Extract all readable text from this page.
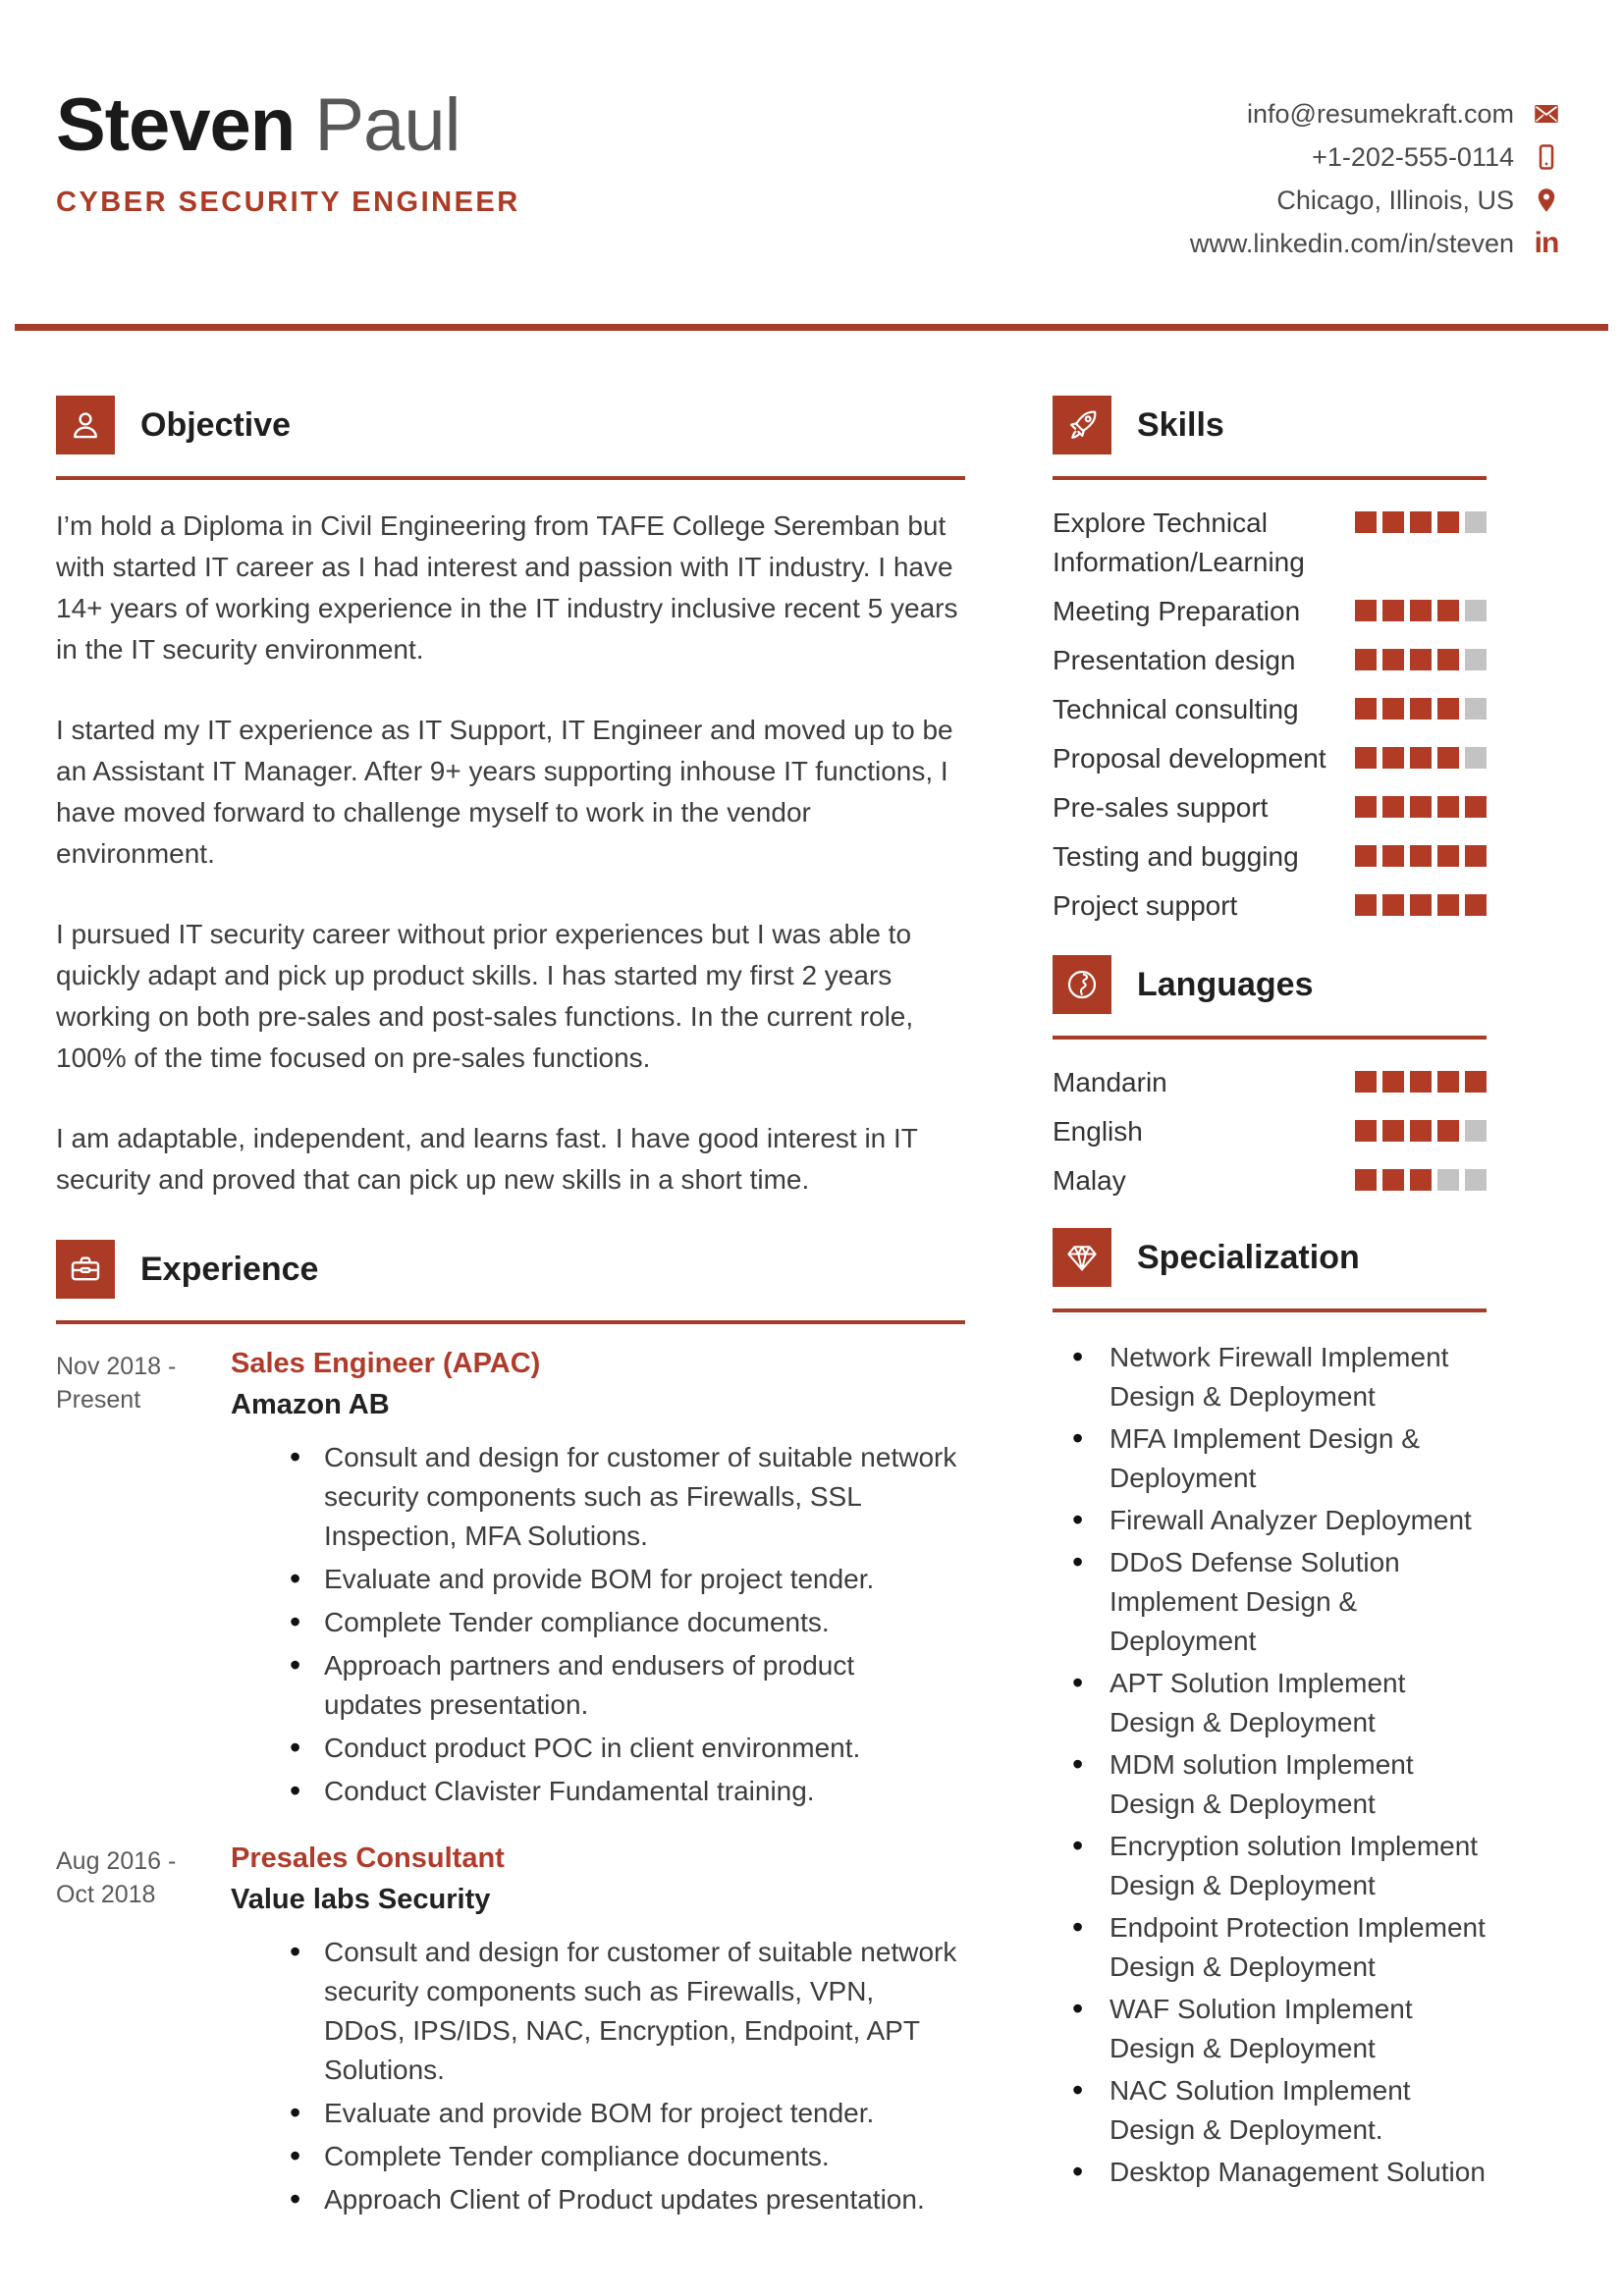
Steven Paul
CYBER SECURITY ENGINEER
info@resumekraft.com
+1-202-555-0114
Chicago, Illinois, US
www.linkedin.com/in/steven in
Objective

I’m hold a Diploma in Civil Engineering from TAFE College Seremban but with started IT career as I had interest and passion with IT industry. I have 14+ years of working experience in the IT industry inclusive recent 5 years in the IT security environment.

I started my IT experience as IT Support, IT Engineer and moved up to be an Assistant IT Manager. After 9+ years supporting inhouse IT functions, I have moved forward to challenge myself to work in the vendor environment.

I pursued IT security career without prior experiences but I was able to quickly adapt and pick up product skills. I has started my first 2 years working on both pre-sales and post-sales functions. In the current role, 100% of the time focused on pre-sales functions.

I am adaptable, independent, and learns fast. I have good interest in IT security and proved that can pick up new skills in a short time.

Experience
Nov 2018 -
Present
Sales Engineer (APAC)
Amazon AB
• Consult and design for customer of suitable network security components such as Firewalls, SSL Inspection, MFA Solutions.
• Evaluate and provide BOM for project tender.
• Complete Tender compliance documents.
• Approach partners and endusers of product updates presentation.
• Conduct product POC in client environment.
• Conduct Clavister Fundamental training.
Aug 2016 -
Oct 2018
Presales Consultant
Value labs Security
• Consult and design for customer of suitable network security components such as Firewalls, VPN, DDoS, IPS/IDS, NAC, Encryption, Endpoint, APT Solutions.
• Evaluate and provide BOM for project tender.
• Complete Tender compliance documents.
• Approach Client of Product updates presentation.
Skills
Explore Technical Information/Learning
Meeting Preparation
Presentation design
Technical consulting
Proposal development
Pre-sales support
Testing and bugging
Project support
Languages
Mandarin
English
Malay
Specialization
• Network Firewall Implement Design & Deployment
• MFA Implement Design & Deployment
• Firewall Analyzer Deployment
• DDoS Defense Solution Implement Design & Deployment
• APT Solution Implement Design & Deployment
• MDM solution Implement Design & Deployment
• Encryption solution Implement Design & Deployment
• Endpoint Protection Implement Design & Deployment
• WAF Solution Implement Design & Deployment
• NAC Solution Implement Design & Deployment.
• Desktop Management Solution
